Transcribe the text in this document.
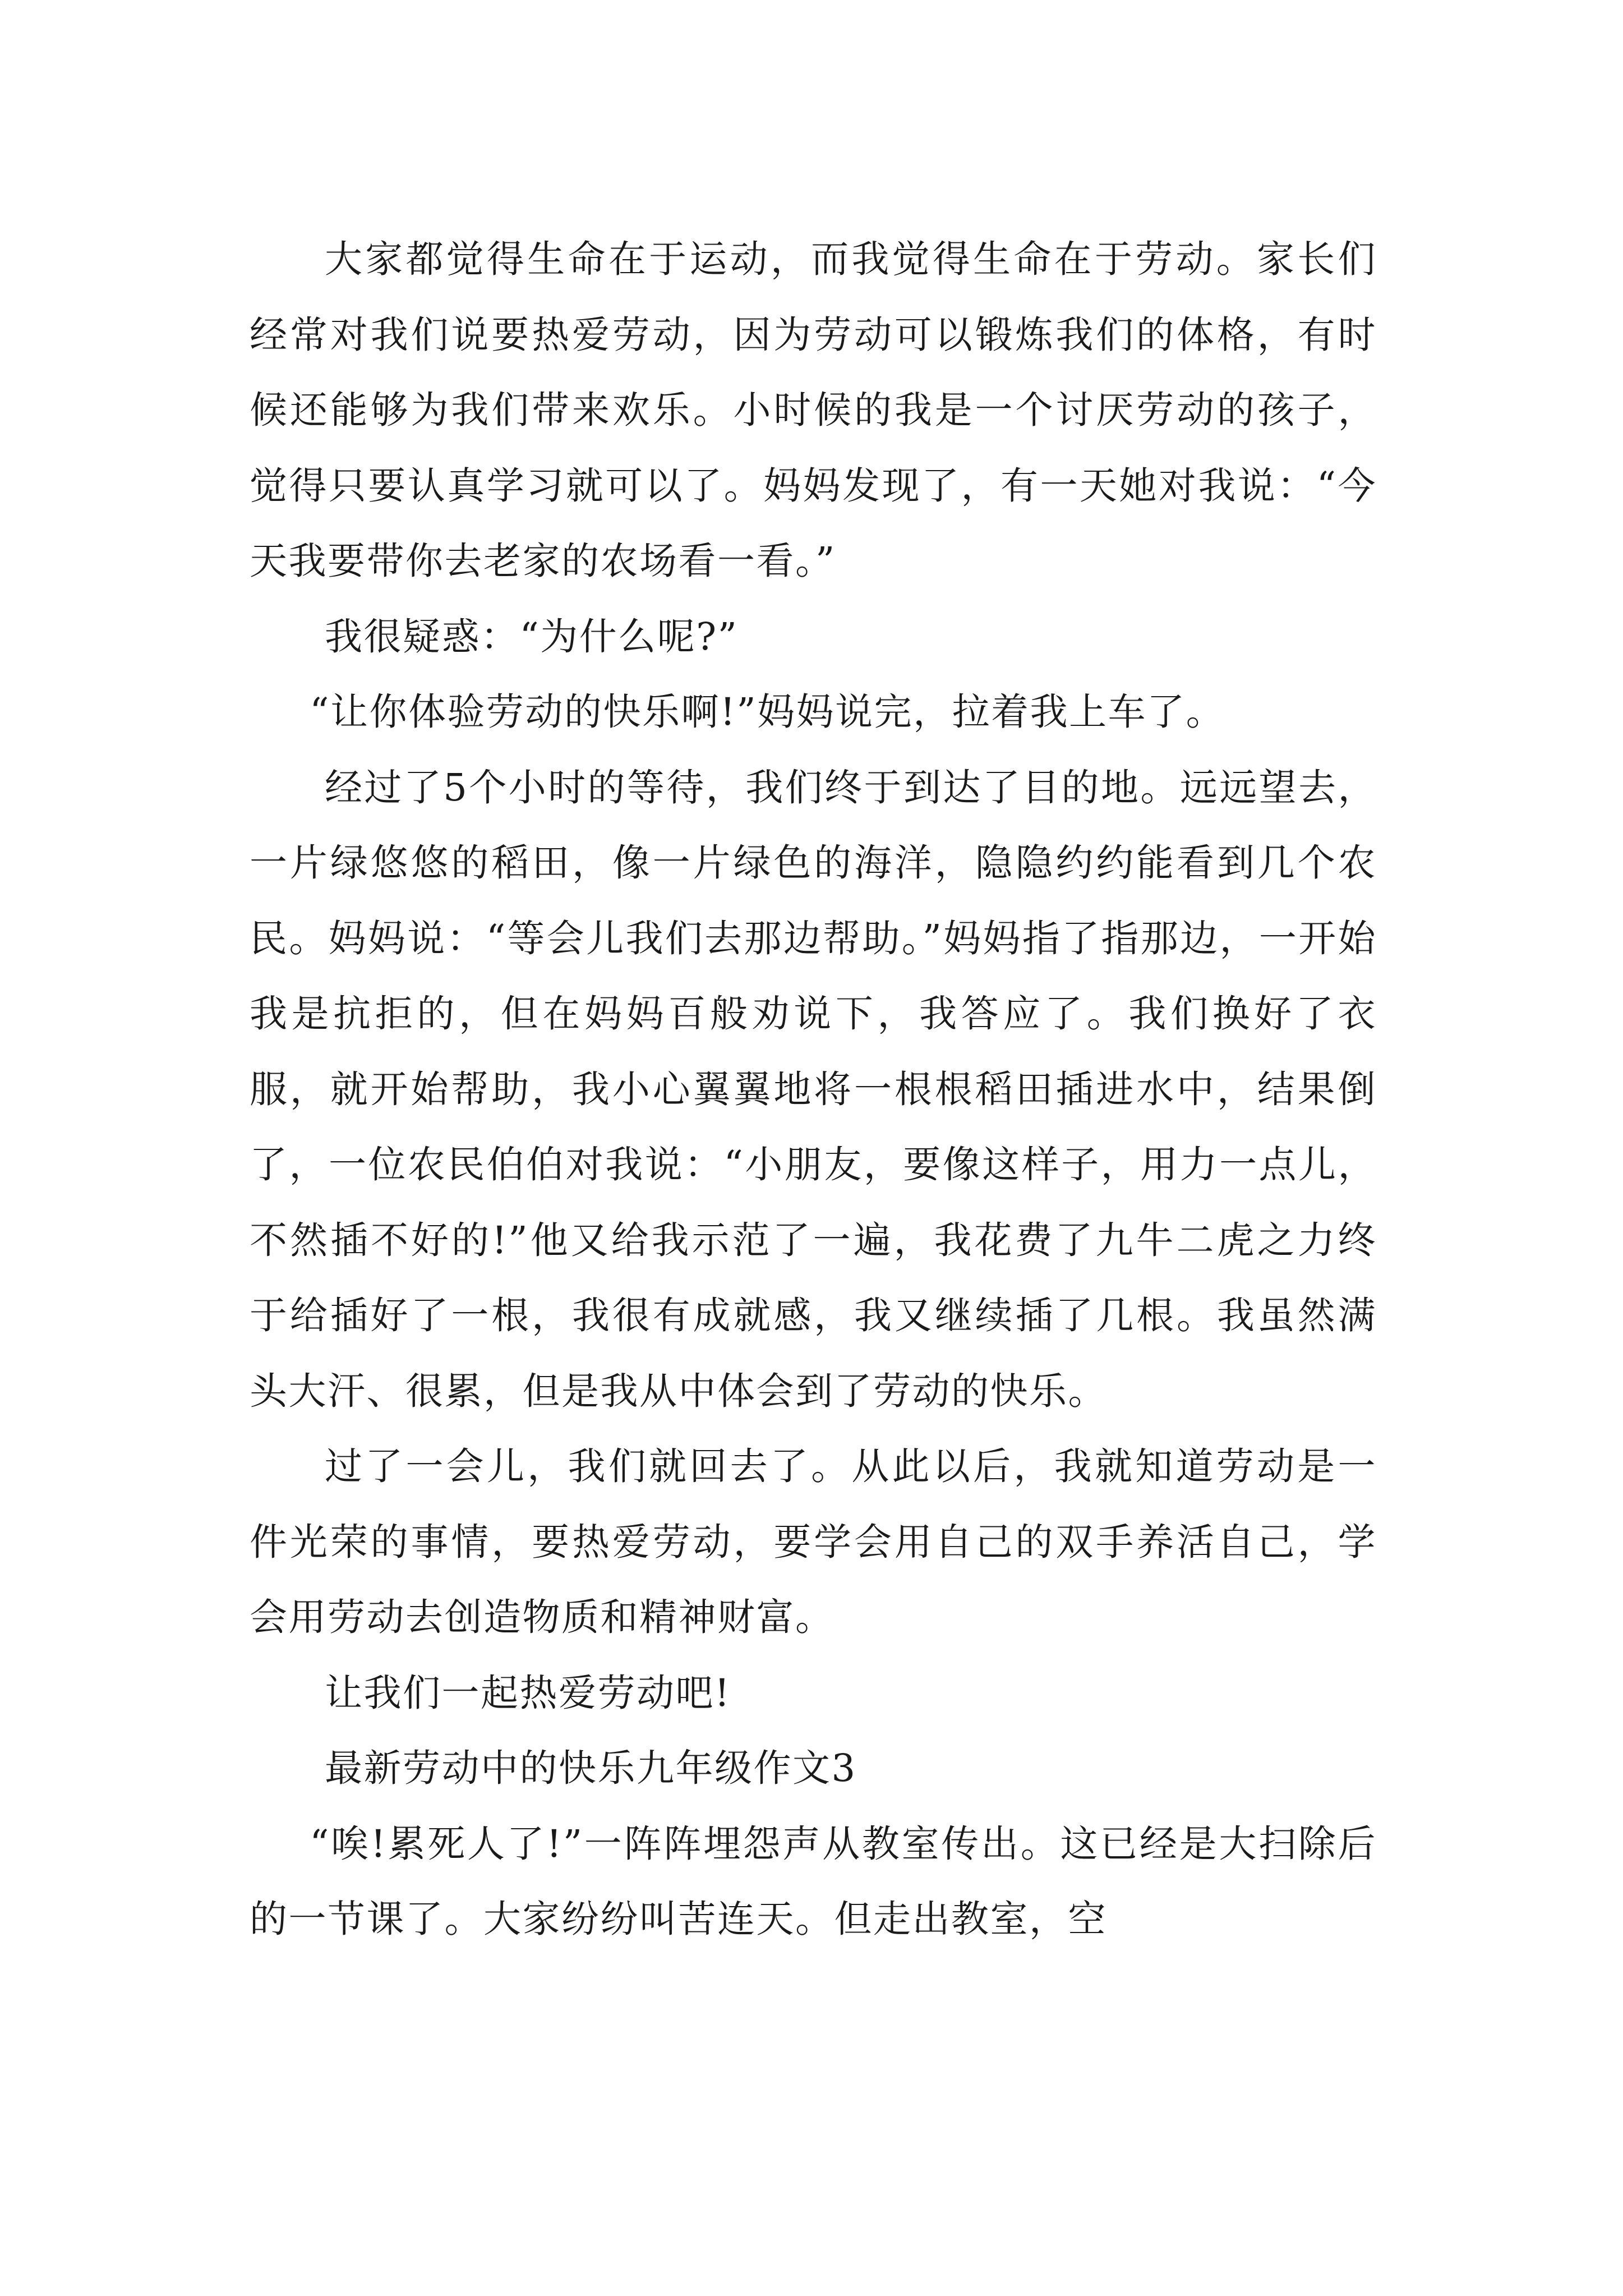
大家都觉得生命在于运动，而我觉得生命在于劳动。家长们经常对我们说要热爱劳动，因为劳动可以锻炼我们的体格，有时候还能够为我们带来欢乐。小时候的我是一个讨厌劳动的孩子，觉得只要认真学习就可以了。妈妈发现了，有一天她对我说：“今天我要带你去老家的农场看一看。”

我很疑惑：“为什么呢?”

“让你体验劳动的快乐啊!”妈妈说完，拉着我上车了。

经过了5个小时的等待，我们终于到达了目的地。远远望去，一片绿悠悠的稻田，像一片绿色的海洋，隐隐约约能看到几个农民。妈妈说：“等会儿我们去那边帮助。”妈妈指了指那边，一开始我是抗拒的，但在妈妈百般劝说下，我答应了。我们换好了衣服，就开始帮助，我小心翼翼地将一根根稻田插进水中，结果倒了，一位农民伯伯对我说：“小朋友，要像这样子，用力一点儿，不然插不好的!”他又给我示范了一遍，我花费了九牛二虎之力终于给插好了一根，我很有成就感，我又继续插了几根。我虽然满头大汗、很累，但是我从中体会到了劳动的快乐。

过了一会儿，我们就回去了。从此以后，我就知道劳动是一件光荣的事情，要热爱劳动，要学会用自己的双手养活自己，学会用劳动去创造物质和精神财富。

让我们一起热爱劳动吧!

最新劳动中的快乐九年级作文3

“唉!累死人了!”一阵阵埋怨声从教室传出。这已经是大扫除后的一节课了。大家纷纷叫苦连天。但走出教室，空
